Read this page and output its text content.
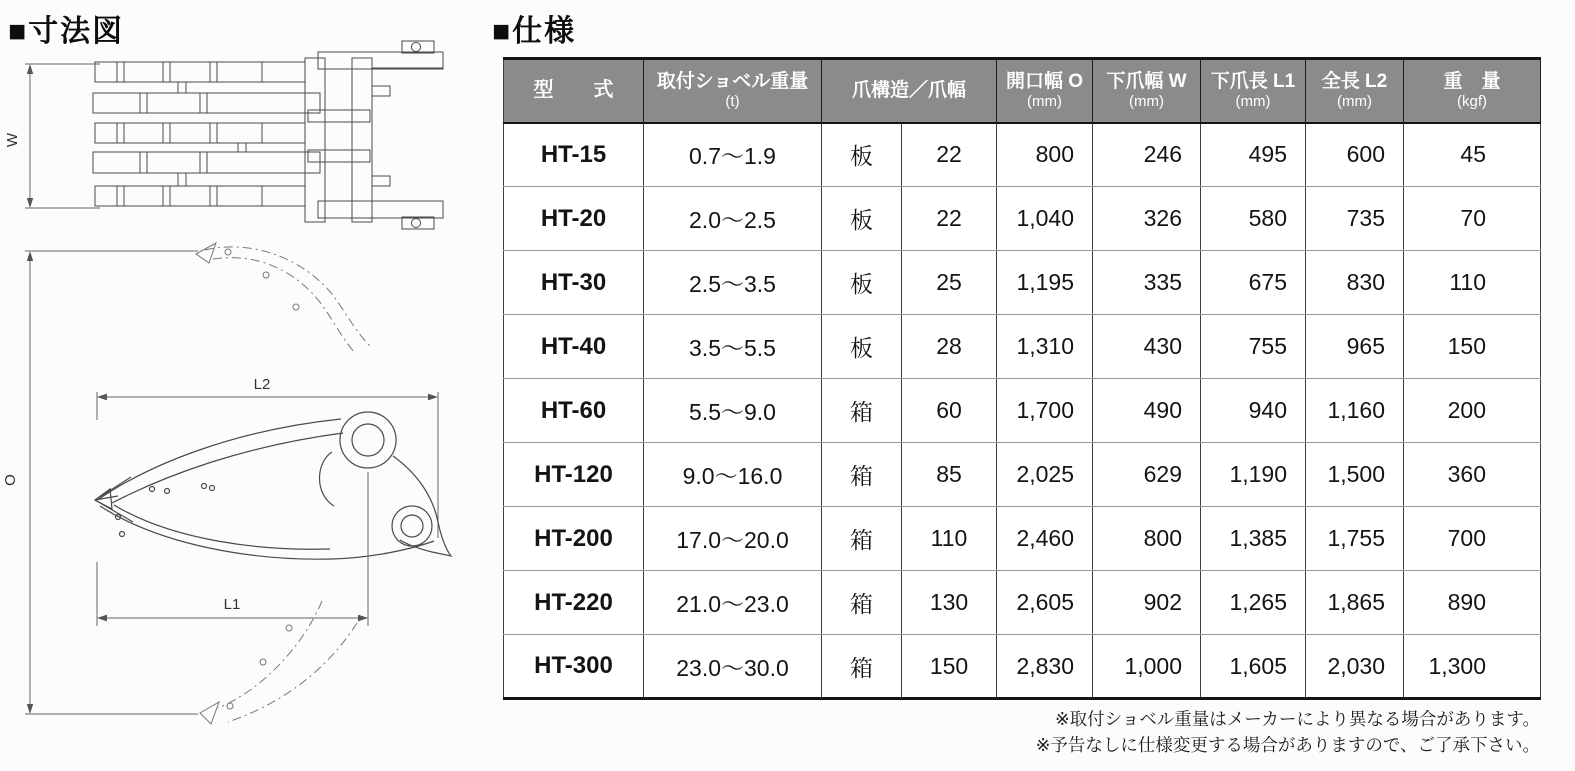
■寸法図
W
O
L2
L1
■仕様
型　　式	取付ショベル重量
(t)
	爪構造／爪幅	開口幅 O
(mm)

下爪幅 W
(mm)

下爪長 L1
(mm)

全長 L2
(mm)

重　量
(kgf)

HT-15	0.7〜1.9	板	22	800	246	495	600	45
HT-20	2.0〜2.5	板	22	1,040	326	580	735	70
HT-30	2.5〜3.5	板	25	1,195	335	675	830	110
HT-40	3.5〜5.5	板	28	1,310	430	755	965	150
HT-60	5.5〜9.0	箱	60	1,700	490	940	1,160	200
HT-120	9.0〜16.0	箱	85	2,025	629	1,190	1,500	360
HT-200	17.0〜20.0	箱	110	2,460	800	1,385	1,755	700
HT-220	21.0〜23.0	箱	130	2,605	902	1,265	1,865	890
HT-300	23.0〜30.0	箱	150	2,830	1,000	1,605	2,030	1,300
※取付ショベル重量はメーカーにより異なる場合があります。
※予告なしに仕様変更する場合がありますので、ご了承下さい。
